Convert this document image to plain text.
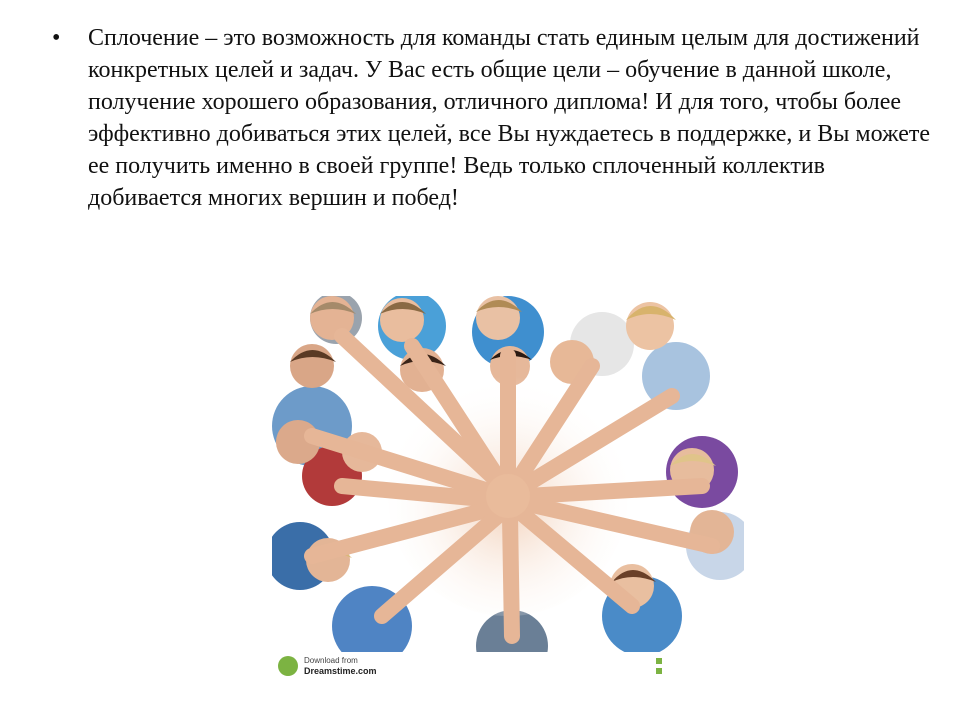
• Сплочение – это возможность для команды стать единым целым для достижений конкретных целей и задач. У Вас есть общие цели – обучение в данной школе, получение хорошего образования, отличного диплома! И для того, чтобы более эффективно добиваться этих целей, все Вы нуждаетесь в поддержке, и Вы можете ее получить именно в своей группе! Ведь только сплоченный коллектив добивается многих вершин и побед!

Download from
Dreamstime.com
